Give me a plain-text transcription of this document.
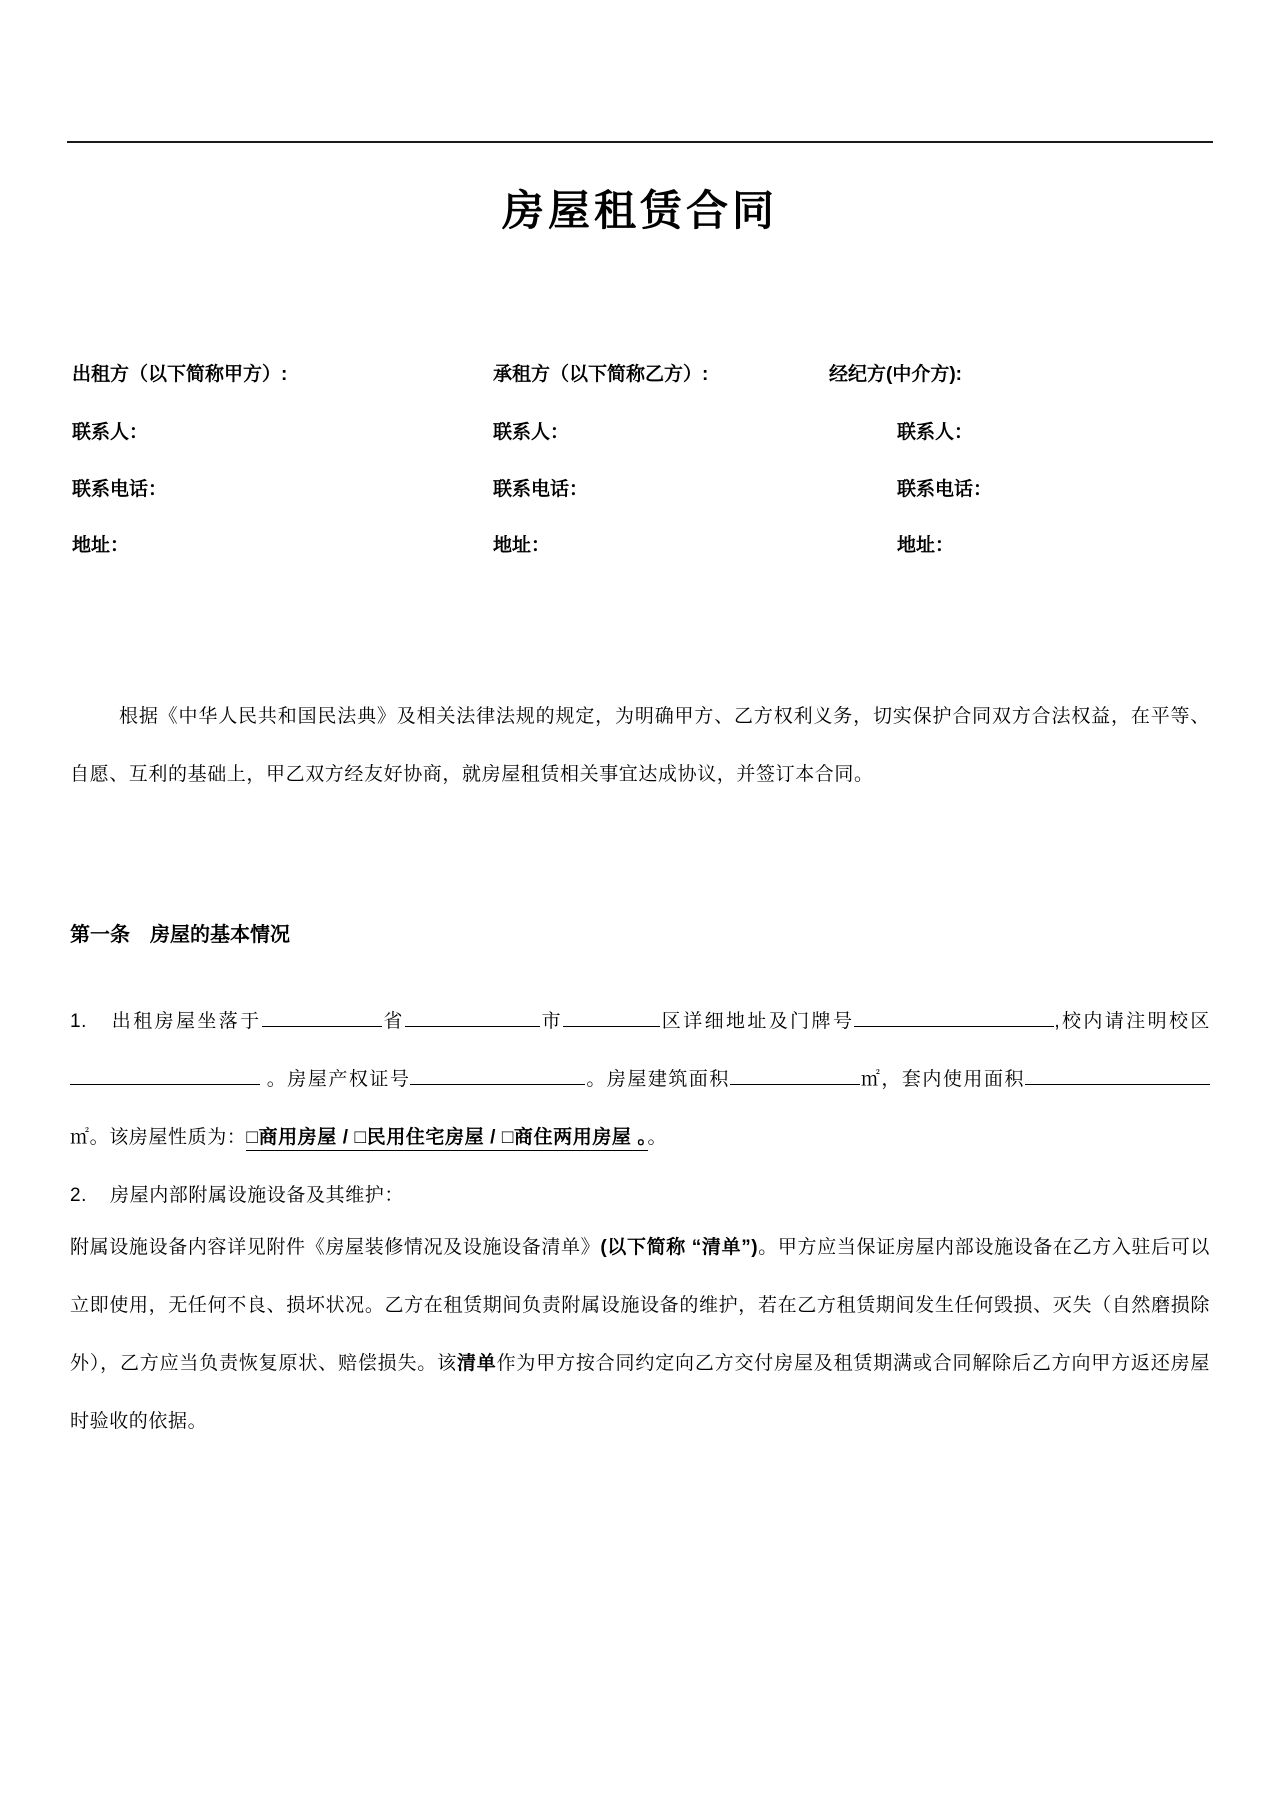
房屋租赁合同
出租方（以下简称甲方）:	承租方（以下简称乙方）:	经纪方(中介方):
联系人：	联系人：	联系人：
联系电话：	联系电话：	联系电话：
地址：	地址：	地址：
根据《中华人民共和国民法典》及相关法律法规的规定，为明确甲方、乙方权利义务，切实保护合同双方合法权益，在平等、自愿、互利的基础上，甲乙双方经友好协商，就房屋租赁相关事宜达成协议，并签订本合同。
第一条　房屋的基本情况
1. 出租房屋坐落于	省	市	区详细地址及门牌号	,校内请注明校区  。房屋产权证号	。房屋建筑面积	㎡，套内使用面积㎡。该房屋性质为：□商用房屋 / □民用住宅房屋 / □商住两用房屋 。。
2. 房屋内部附属设施设备及其维护：
附属设施设备内容详见附件《房屋装修情况及设施设备清单》(以下简称 “清单”)。甲方应当保证房屋内部设施设备在乙方入驻后可以立即使用，无任何不良、损坏状况。乙方在租赁期间负责附属设施设备的维护，若在乙方租赁期间发生任何毁损、灭失（自然磨损除外），乙方应当负责恢复原状、赔偿损失。该清单作为甲方按合同约定向乙方交付房屋及租赁期满或合同解除后乙方向甲方返还房屋时验收的依据。
